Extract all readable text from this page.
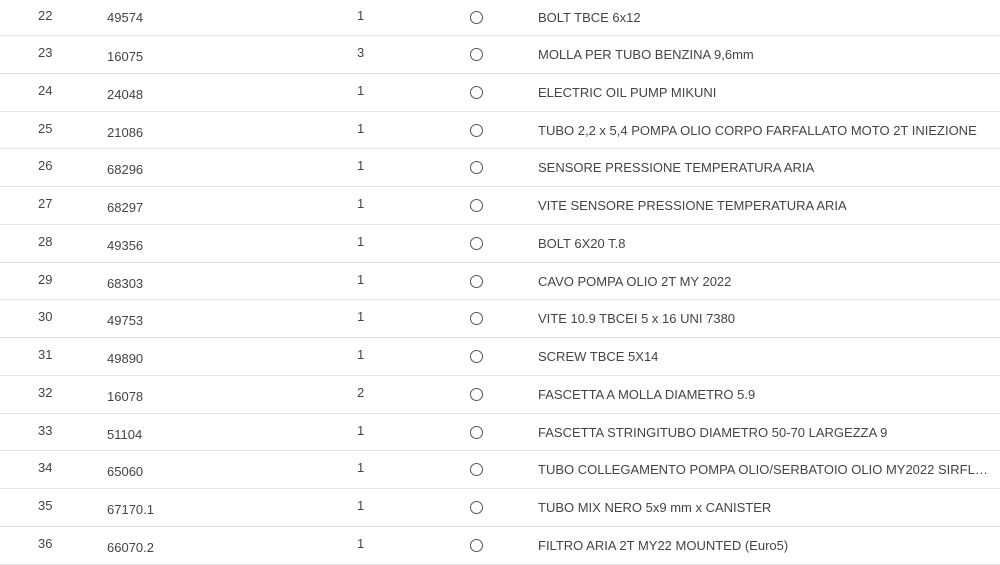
22	49574	1	BOLT TBCE 6x12
23	16075	3	MOLLA PER TUBO BENZINA 9,6mm
24	24048	1	ELECTRIC OIL PUMP MIKUNI
25	21086	1	TUBO 2,2 x 5,4 POMPA OLIO CORPO FARFALLATO MOTO 2T INIEZIONE
26	68296	1	SENSORE PRESSIONE TEMPERATURA ARIA
27	68297	1	VITE SENSORE PRESSIONE TEMPERATURA ARIA
28	49356	1	BOLT 6X20 T.8
29	68303	1	CAVO POMPA OLIO 2T MY 2022
30	49753	1	VITE 10.9 TBCEI 5 x 16 UNI 7380
31	49890	1	SCREW TBCE 5X14
32	16078	2	FASCETTA A MOLLA DIAMETRO 5.9
33	51104	1	FASCETTA STRINGITUBO DIAMETRO 50-70 LARGEZZA 9
34	65060	1	TUBO COLLEGAMENTO POMPA OLIO/SERBATOIO OLIO MY2022 SIRFL…
35	67170.1	1	TUBO MIX NERO 5x9 mm x CANISTER
36	66070.2	1	FILTRO ARIA 2T MY22 MOUNTED (Euro5)
